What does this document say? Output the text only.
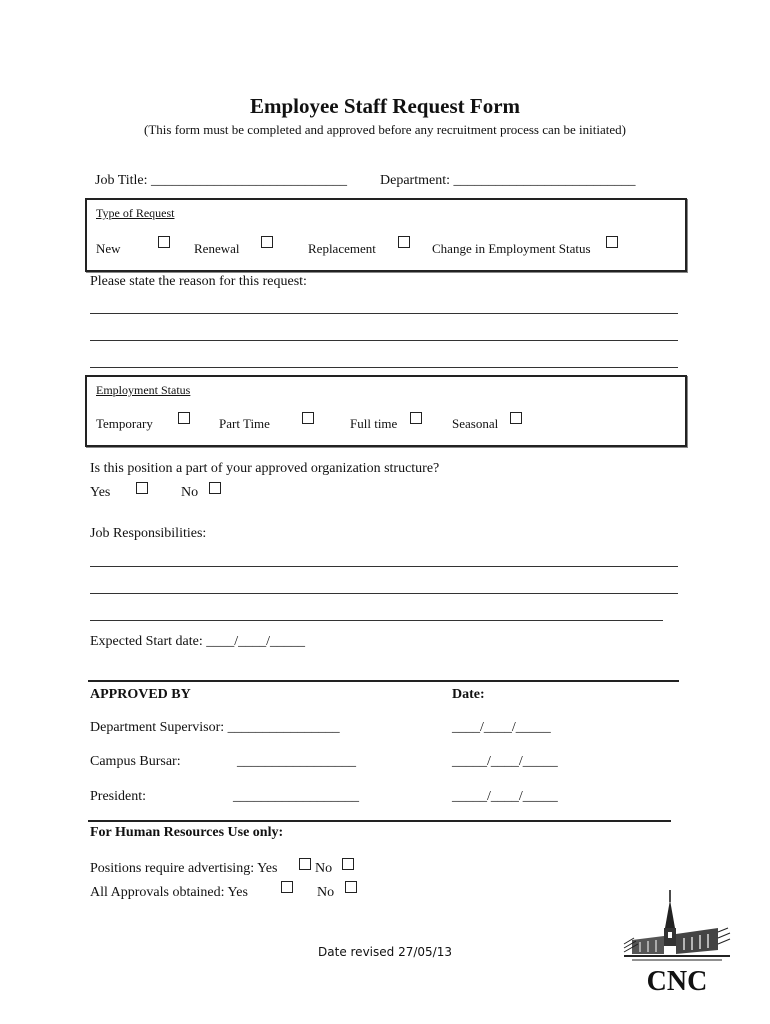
Employee Staff Request Form
(This form must be completed and approved before any recruitment process can be initiated)
Job Title: ____________________________ Department: __________________________
Type of Request
New	Renewal	Replacement	Change in Employment Status
Please state the reason for this request:
Employment Status
Temporary	Part Time	Full time	Seasonal
Is this position a part of your approved organization structure?
Yes	No
Job Responsibilities:
Expected Start date: ____/____/_____
APPROVED BY	Date:
Department Supervisor: ________________	____/____/_____
Campus Bursar:	_________________	_____/____/_____
President:	__________________	_____/____/_____
For Human Resources Use only:
Positions require advertising: Yes	No
All Approvals obtained: Yes	No
Date revised 27/05/13
CNC
